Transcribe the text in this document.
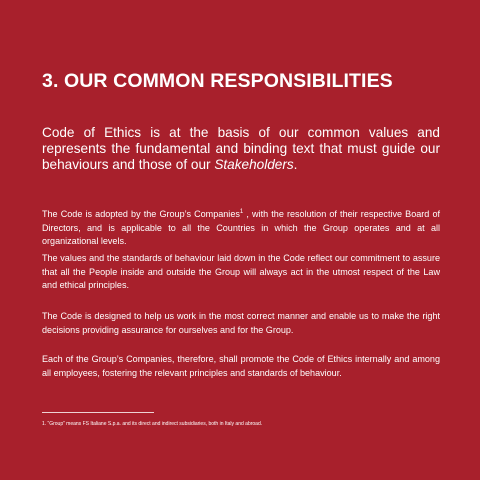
3. OUR COMMON RESPONSIBILITIES

Code of Ethics is at the basis of our common values and represents the fundamental and binding text that must guide our behaviours and those of our Stakeholders.

The Code is adopted by the Group’s Companies$^1$ , with the resolution of their respective Board of Directors, and is applicable to all the Countries in which the Group operates and at all organizational levels.

The values and the standards of behaviour laid down in the Code reflect our commitment to assure that all the People inside and outside the Group will always act in the utmost respect of the Law and ethical principles.

The Code is designed to help us work in the most correct manner and enable us to make the right decisions providing assurance for ourselves and for the Group.

Each of the Group’s Companies, therefore, shall promote the Code of Ethics internally and among all employees, fostering the relevant principles and standards of behaviour.

1. “Group” means FS Italiane S.p.a. and its direct and indirect subsidiaries, both in Italy and abroad.
